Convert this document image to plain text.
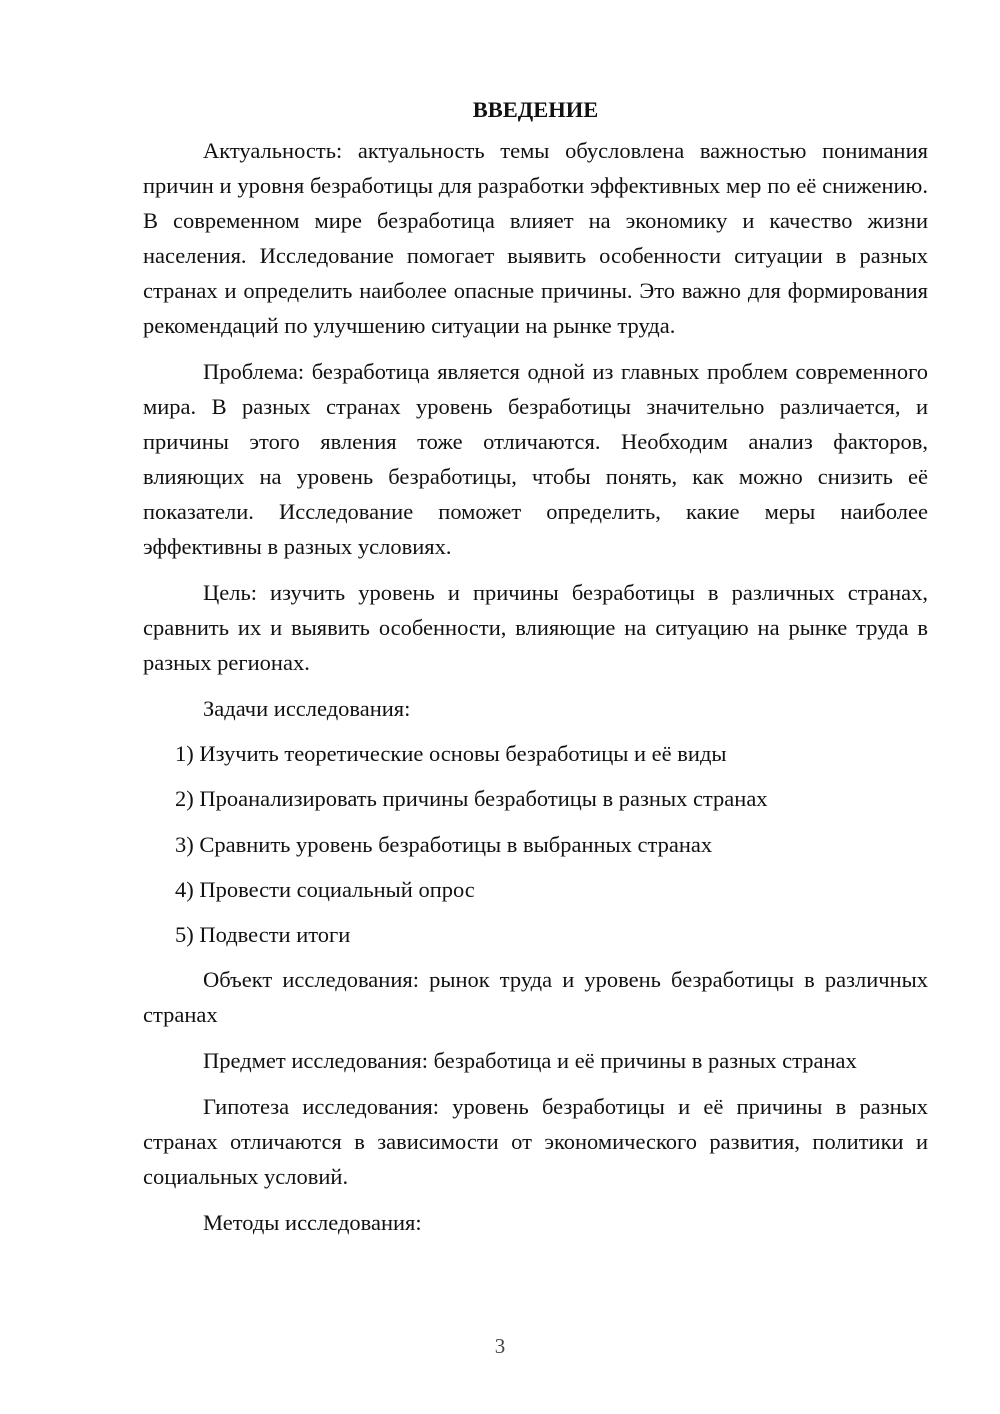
ВВЕДЕНИЕ

Актуальность: актуальность темы обусловлена важностью понимания причин и уровня безработицы для разработки эффективных мер по её снижению. В современном мире безработица влияет на экономику и качество жизни населения. Исследование помогает выявить особенности ситуации в разных странах и определить наиболее опасные причины. Это важно для формирования рекомендаций по улучшению ситуации на рынке труда.

Проблема: безработица является одной из главных проблем современного мира. В разных странах уровень безработицы значительно различается, и причины этого явления тоже отличаются. Необходим анализ факторов, влияющих на уровень безработицы, чтобы понять, как можно снизить её показатели. Исследование поможет определить, какие меры наиболее эффективны в разных условиях.

Цель: изучить уровень и причины безработицы в различных странах, сравнить их и выявить особенности, влияющие на ситуацию на рынке труда в разных регионах.

Задачи исследования:

1) Изучить теоретические основы безработицы и её виды
2) Проанализировать причины безработицы в разных странах
3) Сравнить уровень безработицы в выбранных странах
4) Провести социальный опрос
5) Подвести итоги

Объект исследования: рынок труда и уровень безработицы в различных странах

Предмет исследования: безработица и её причины в разных странах

Гипотеза исследования: уровень безработицы и её причины в разных странах отличаются в зависимости от экономического развития, политики и социальных условий.

Методы исследования:

3
